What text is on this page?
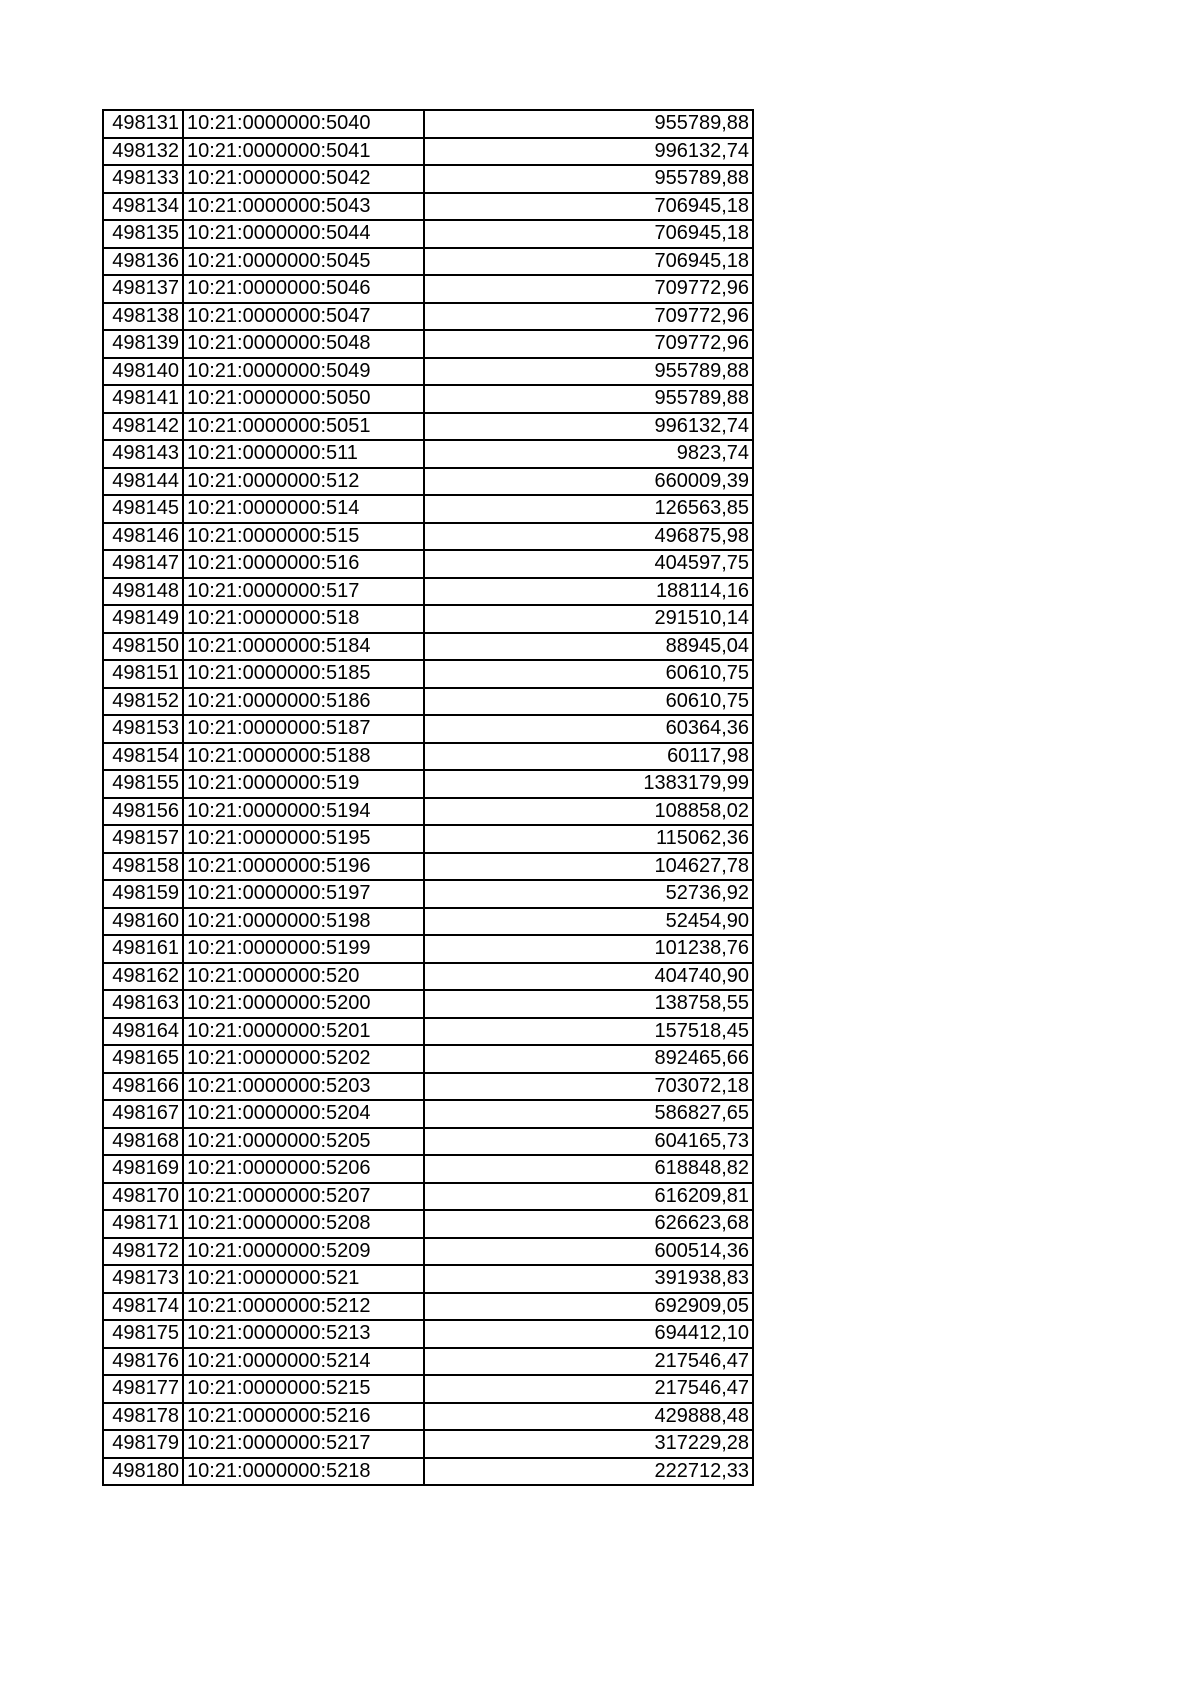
498131	10:21:0000000:5040	955789,88
498132	10:21:0000000:5041	996132,74
498133	10:21:0000000:5042	955789,88
498134	10:21:0000000:5043	706945,18
498135	10:21:0000000:5044	706945,18
498136	10:21:0000000:5045	706945,18
498137	10:21:0000000:5046	709772,96
498138	10:21:0000000:5047	709772,96
498139	10:21:0000000:5048	709772,96
498140	10:21:0000000:5049	955789,88
498141	10:21:0000000:5050	955789,88
498142	10:21:0000000:5051	996132,74
498143	10:21:0000000:511	9823,74
498144	10:21:0000000:512	660009,39
498145	10:21:0000000:514	126563,85
498146	10:21:0000000:515	496875,98
498147	10:21:0000000:516	404597,75
498148	10:21:0000000:517	188114,16
498149	10:21:0000000:518	291510,14
498150	10:21:0000000:5184	88945,04
498151	10:21:0000000:5185	60610,75
498152	10:21:0000000:5186	60610,75
498153	10:21:0000000:5187	60364,36
498154	10:21:0000000:5188	60117,98
498155	10:21:0000000:519	1383179,99
498156	10:21:0000000:5194	108858,02
498157	10:21:0000000:5195	115062,36
498158	10:21:0000000:5196	104627,78
498159	10:21:0000000:5197	52736,92
498160	10:21:0000000:5198	52454,90
498161	10:21:0000000:5199	101238,76
498162	10:21:0000000:520	404740,90
498163	10:21:0000000:5200	138758,55
498164	10:21:0000000:5201	157518,45
498165	10:21:0000000:5202	892465,66
498166	10:21:0000000:5203	703072,18
498167	10:21:0000000:5204	586827,65
498168	10:21:0000000:5205	604165,73
498169	10:21:0000000:5206	618848,82
498170	10:21:0000000:5207	616209,81
498171	10:21:0000000:5208	626623,68
498172	10:21:0000000:5209	600514,36
498173	10:21:0000000:521	391938,83
498174	10:21:0000000:5212	692909,05
498175	10:21:0000000:5213	694412,10
498176	10:21:0000000:5214	217546,47
498177	10:21:0000000:5215	217546,47
498178	10:21:0000000:5216	429888,48
498179	10:21:0000000:5217	317229,28
498180	10:21:0000000:5218	222712,33
